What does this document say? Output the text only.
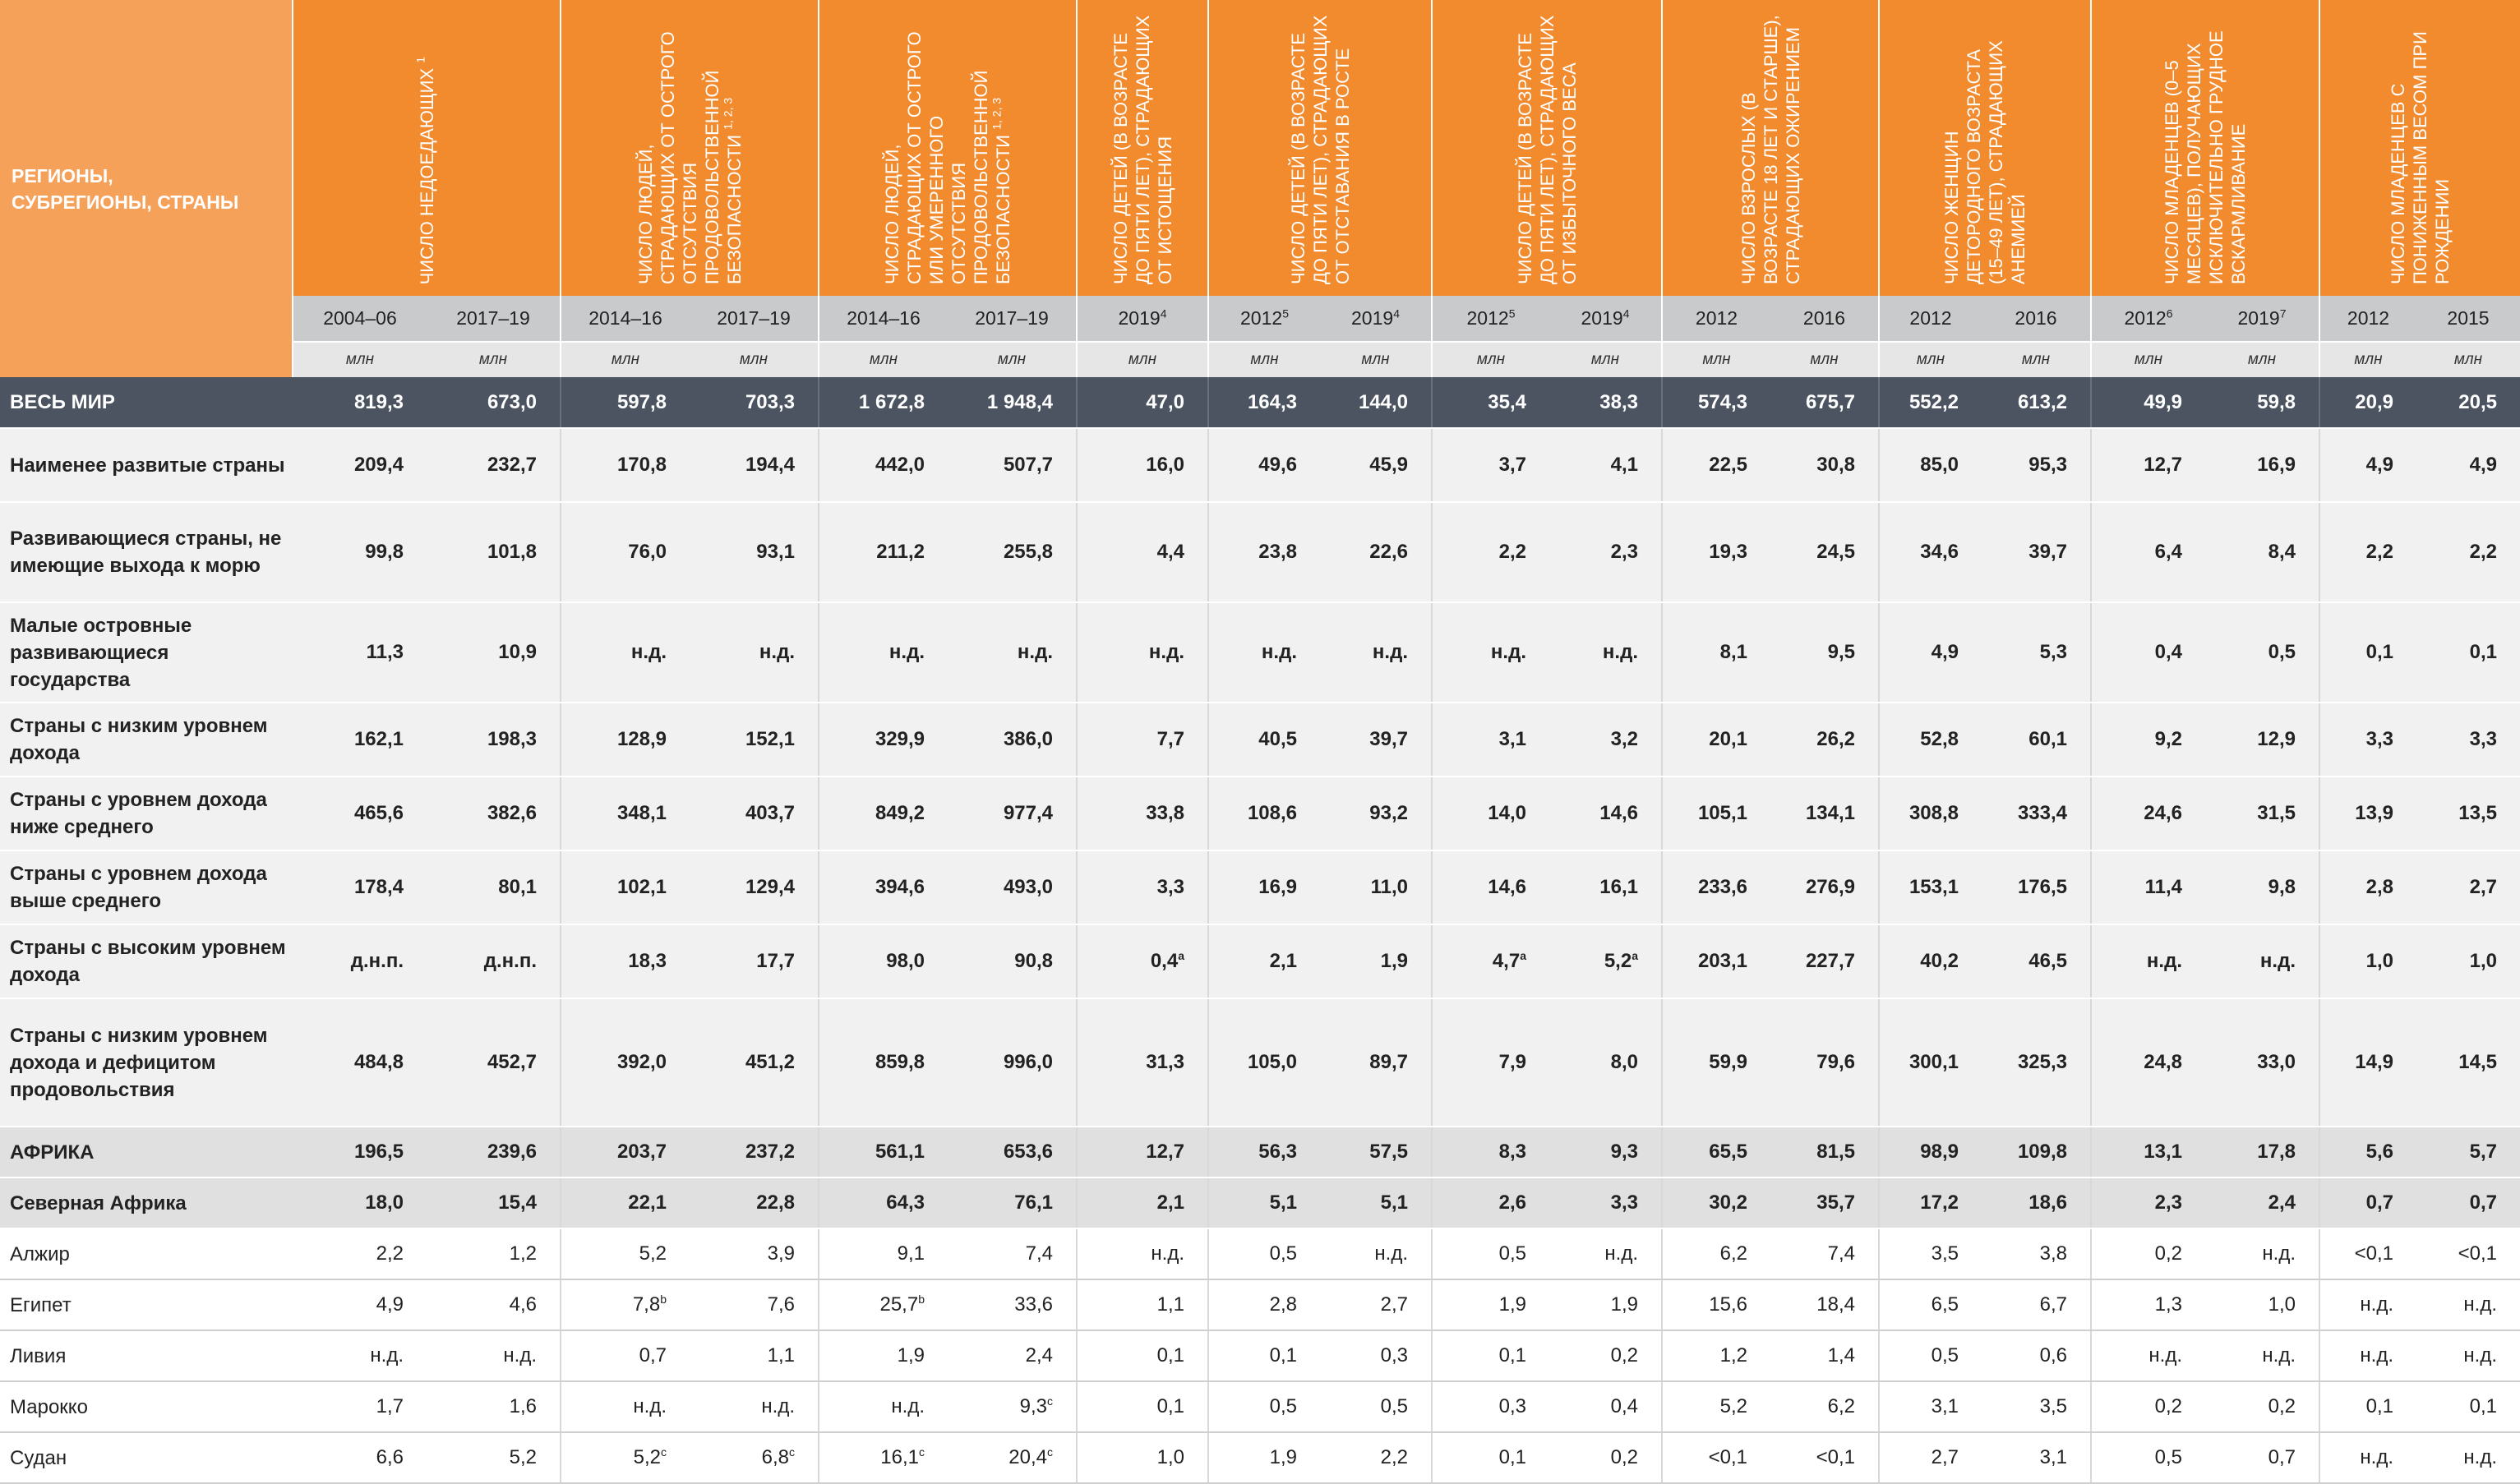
РЕГИОНЫ,
СУБРЕГИОНЫ, СТРАНЫ	ЧИСЛО НЕДОЕДАЮЩИХ $^1$		ЧИСЛО ЛЮДЕЙ, СТРАДАЮЩИХ ОТ ОСТРОГО ОТСУТСТВИЯ ПРОДОВОЛЬСТВЕННОЙ БЕЗОПАСНОСТИ $^{1, 2, 3}$		ЧИСЛО ЛЮДЕЙ, СТРАДАЮЩИХ ОТ ОСТРОГО ИЛИ УМЕРЕННОГО ОТСУТСТВИЯ ПРОДОВОЛЬСТВЕННОЙ БЕЗОПАСНОСТИ $^{1, 2, 3}$		ЧИСЛО ДЕТЕЙ (В ВОЗРАСТЕ ДО ПЯТИ ЛЕТ), СТРАДАЮЩИХ ОТ ИСТОЩЕНИЯ	ЧИСЛО ДЕТЕЙ (В ВОЗРАСТЕ ДО ПЯТИ ЛЕТ), СТРАДАЮЩИХ ОТ ОТСТАВАНИЯ В РОСТЕ		ЧИСЛО ДЕТЕЙ (В ВОЗРАСТЕ ДО ПЯТИ ЛЕТ), СТРАДАЮЩИХ ОТ ИЗБЫТОЧНОГО ВЕСА		ЧИСЛО ВЗРОСЛЫХ (В ВОЗРАСТЕ 18 ЛЕТ И СТАРШЕ), СТРАДАЮЩИХ ОЖИРЕНИЕМ		ЧИСЛО ЖЕНЩИН ДЕТОРОДНОГО ВОЗРАСТА (15–49 ЛЕТ), СТРАДАЮЩИХ АНЕМИЕЙ		ЧИСЛО МЛАДЕНЦЕВ (0–5 МЕСЯЦЕВ), ПОЛУЧАЮЩИХ ИСКЛЮЧИТЕЛЬНО ГРУДНОЕ ВСКАРМЛИВАНИЕ		ЧИСЛО МЛАДЕНЦЕВ С ПОНИЖЕННЫМ ВЕСОМ ПРИ РОЖДЕНИИ	

	2004–06	2017–19	2014–16	2017–19	2014–16	2017–19	2019$^4$	2012$^5$	2019$^4$	2012$^5$	2019$^4$	2012	2016	2012	2016	2012$^6$	2019$^7$	2012	2015
	млн	млн	млн	млн	млн	млн	млн	млн	млн	млн	млн	млн	млн	млн	млн	млн	млн	млн	млн
ВЕСЬ МИР	819,3	673,0	597,8	703,3	1 672,8	1 948,4	47,0	164,3	144,0	35,4	38,3	574,3	675,7	552,2	613,2	49,9	59,8	20,9	20,5
Наименее развитые страны	209,4	232,7	170,8	194,4	442,0	507,7	16,0	49,6	45,9	3,7	4,1	22,5	30,8	85,0	95,3	12,7	16,9	4,9	4,9
Развивающиеся страны, не имеющие выхода к морю	99,8	101,8	76,0	93,1	211,2	255,8	4,4	23,8	22,6	2,2	2,3	19,3	24,5	34,6	39,7	6,4	8,4	2,2	2,2
Малые островные развивающиеся государства	11,3	10,9	н.д.	н.д.	н.д.	н.д.	н.д.	н.д.	н.д.	н.д.	н.д.	8,1	9,5	4,9	5,3	0,4	0,5	0,1	0,1
Страны с низким уровнем дохода	162,1	198,3	128,9	152,1	329,9	386,0	7,7	40,5	39,7	3,1	3,2	20,1	26,2	52,8	60,1	9,2	12,9	3,3	3,3
Страны с уровнем дохода ниже среднего	465,6	382,6	348,1	403,7	849,2	977,4	33,8	108,6	93,2	14,0	14,6	105,1	134,1	308,8	333,4	24,6	31,5	13,9	13,5
Страны с уровнем дохода выше среднего	178,4	80,1	102,1	129,4	394,6	493,0	3,3	16,9	11,0	14,6	16,1	233,6	276,9	153,1	176,5	11,4	9,8	2,8	2,7
Страны с высоким уровнем дохода	д.н.п.	д.н.п.	18,3	17,7	98,0	90,8	0,4$^a$	2,1	1,9	4,7$^a$	5,2$^a$	203,1	227,7	40,2	46,5	н.д.	н.д.	1,0	1,0
Страны с низким уровнем дохода и дефицитом продовольствия	484,8	452,7	392,0	451,2	859,8	996,0	31,3	105,0	89,7	7,9	8,0	59,9	79,6	300,1	325,3	24,8	33,0	14,9	14,5
АФРИКА	196,5	239,6	203,7	237,2	561,1	653,6	12,7	56,3	57,5	8,3	9,3	65,5	81,5	98,9	109,8	13,1	17,8	5,6	5,7
Северная Африка	18,0	15,4	22,1	22,8	64,3	76,1	2,1	5,1	5,1	2,6	3,3	30,2	35,7	17,2	18,6	2,3	2,4	0,7	0,7
Алжир	2,2	1,2	5,2	3,9	9,1	7,4	н.д.	0,5	н.д.	0,5	н.д.	6,2	7,4	3,5	3,8	0,2	н.д.	<0,1	<0,1
Египет	4,9	4,6	7,8$^b$	7,6	25,7$^b$	33,6	1,1	2,8	2,7	1,9	1,9	15,6	18,4	6,5	6,7	1,3	1,0	н.д.	н.д.
Ливия	н.д.	н.д.	0,7	1,1	1,9	2,4	0,1	0,1	0,3	0,1	0,2	1,2	1,4	0,5	0,6	н.д.	н.д.	н.д.	н.д.
Марокко	1,7	1,6	н.д.	н.д.	н.д.	9,3$^c$	0,1	0,5	0,5	0,3	0,4	5,2	6,2	3,1	3,5	0,2	0,2	0,1	0,1
Судан	6,6	5,2	5,2$^c$	6,8$^c$	16,1$^c$	20,4$^c$	1,0	1,9	2,2	0,1	0,2	<0,1	<0,1	2,7	3,1	0,5	0,7	н.д.	н.д.
